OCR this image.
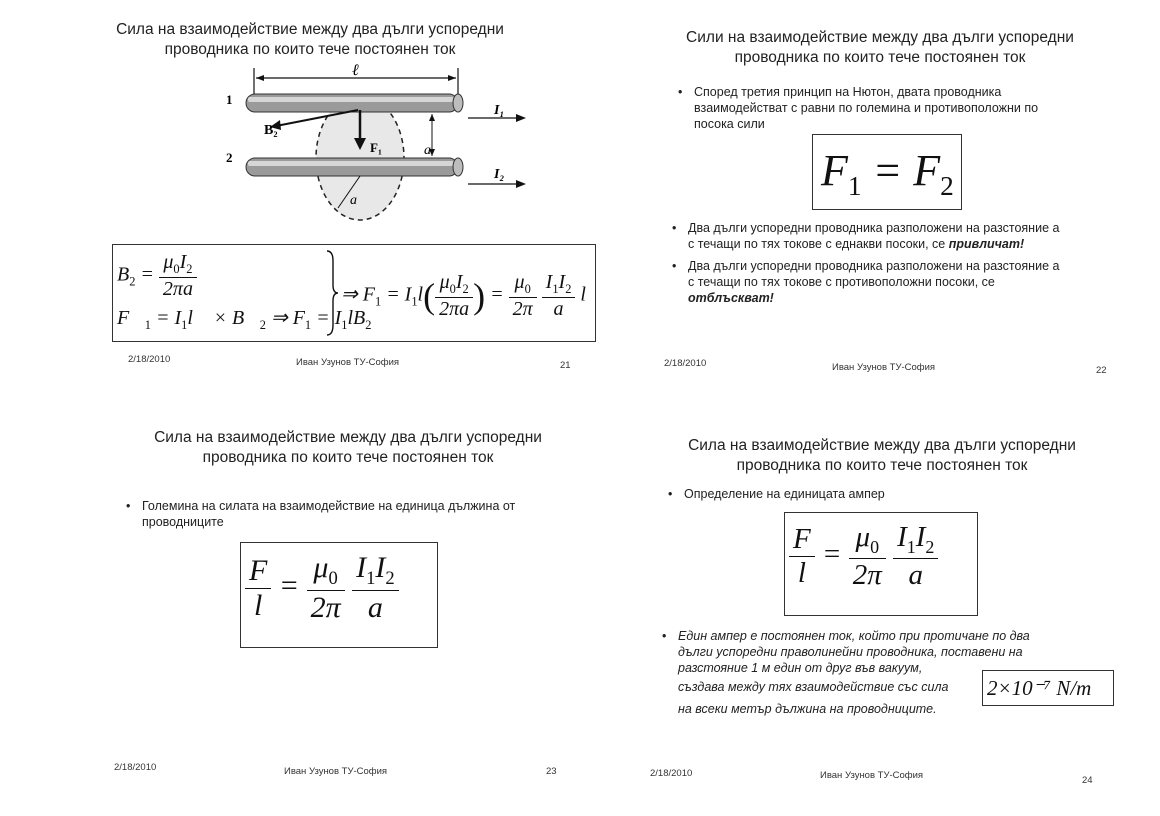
Сила на взаимодействие между два дълги успоредни
проводника по които тече постоянен ток
ℓ
1
2
B₂
F₁	a
a
I₁
I₂
$B_2 = \frac{\mu_0I_2}{2\pi a}$
$F⃗_1$ = $I_1l⃗$ × $B⃗_2$ ⇒ $F_1 = I_1lB_2$
⇒ $F_1 = I_1l( \frac{\mu_0I_2}{2\pi a}$ ) = $\frac{\mu_0}{2\pi}$
$\frac{I_1I_2}{a}$ l
2/18/2010	Иван Узунов ТУ-София	21
Сили на взаимодействие между два дълги успоредни
проводника по които тече постоянен ток
• Според третия принцип на Нютон, двата проводника
взаимодействат с равни по големина и противоположни по
посока сили
$F_1 = F_2$
• Два дълги успоредни проводника разположени на разстояние a
с течащи по тях токове с еднакви посоки, се привличат!
• Два дълги успоредни проводника разположени на разстояние a
с течащи по тях токове с противоположни посоки, се
отблъскват!
2/18/2010	Иван Узунов ТУ-София	22
Сила на взаимодействие между два дълги успоредни
проводника по които тече постоянен ток
• Големина на силата на взаимодействие на единица дължина от
проводниците
$\frac{F}{l} = \frac{\mu_0}{2\pi}$
$\frac{I_1I_2}{a}$
2/18/2010	Иван Узунов ТУ-София	23
Сила на взаимодействие между два дълги успоредни
проводника по които тече постоянен ток
• Определение на единицата ампер
$\frac{F}{l} = \frac{\mu_0}{2\pi}$
$\frac{I_1I_2}{a}$
• Един ампер е постоянен ток, който при протичане по два
дълги успоредни праволинейни проводника, поставени на
разстояние 1 м един от друг във вакуум,
създава между тях взаимодействие със сила
на всеки метър дължина на проводниците.
2×10⁻⁷ N/m
2/18/2010	Иван Узунов ТУ-София	24
